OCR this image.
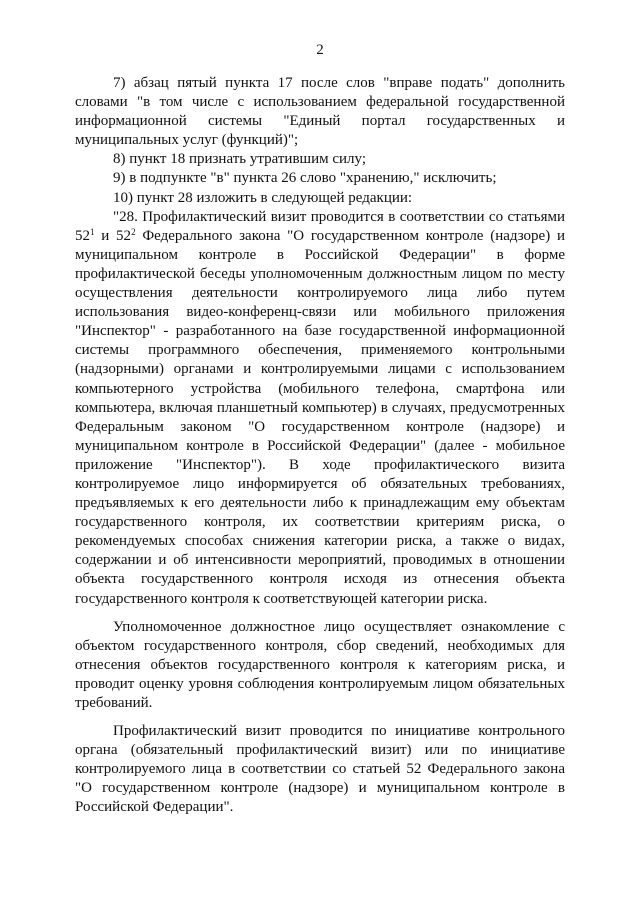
2

7) абзац пятый пункта 17 после слов "вправе подать" дополнить словами "в том числе с использованием федеральной государственной информационной системы "Единый портал государственных и муниципальных услуг (функций)";

8) пункт 18 признать утратившим силу;

9) в подпункте "в" пункта 26 слово "хранению," исключить;

10) пункт 28 изложить в следующей редакции:

"28. Профилактический визит проводится в соответствии со статьями $52^1$ и $52^2$ Федерального закона "О государственном контроле (надзоре) и муниципальном контроле в Российской Федерации" в форме профилактической беседы уполномоченным должностным лицом по месту осуществления деятельности контролируемого лица либо путем использования видео-конференц-связи или мобильного приложения "Инспектор" - разработанного на базе государственной информационной системы программного обеспечения, применяемого контрольными (надзорными) органами и контролируемыми лицами с использованием компьютерного устройства (мобильного телефона, смартфона или компьютера, включая планшетный компьютер) в случаях, предусмотренных Федеральным законом "О государственном контроле (надзоре) и муниципальном контроле в Российской Федерации" (далее - мобильное приложение "Инспектор"). В ходе профилактического визита контролируемое лицо информируется об обязательных требованиях, предъявляемых к его деятельности либо к принадлежащим ему объектам государственного контроля, их соответствии критериям риска, о рекомендуемых способах снижения категории риска, а также о видах, содержании и об интенсивности мероприятий, проводимых в отношении объекта государственного контроля исходя из отнесения объекта государственного контроля к соответствующей категории риска.

Уполномоченное должностное лицо осуществляет ознакомление с объектом государственного контроля, сбор сведений, необходимых для отнесения объектов государственного контроля к категориям риска, и проводит оценку уровня соблюдения контролируемым лицом обязательных требований.

Профилактический визит проводится по инициативе контрольного органа (обязательный профилактический визит) или по инициативе контролируемого лица в соответствии со статьей 52 Федерального закона "О государственном контроле (надзоре) и муниципальном контроле в Российской Федерации".
